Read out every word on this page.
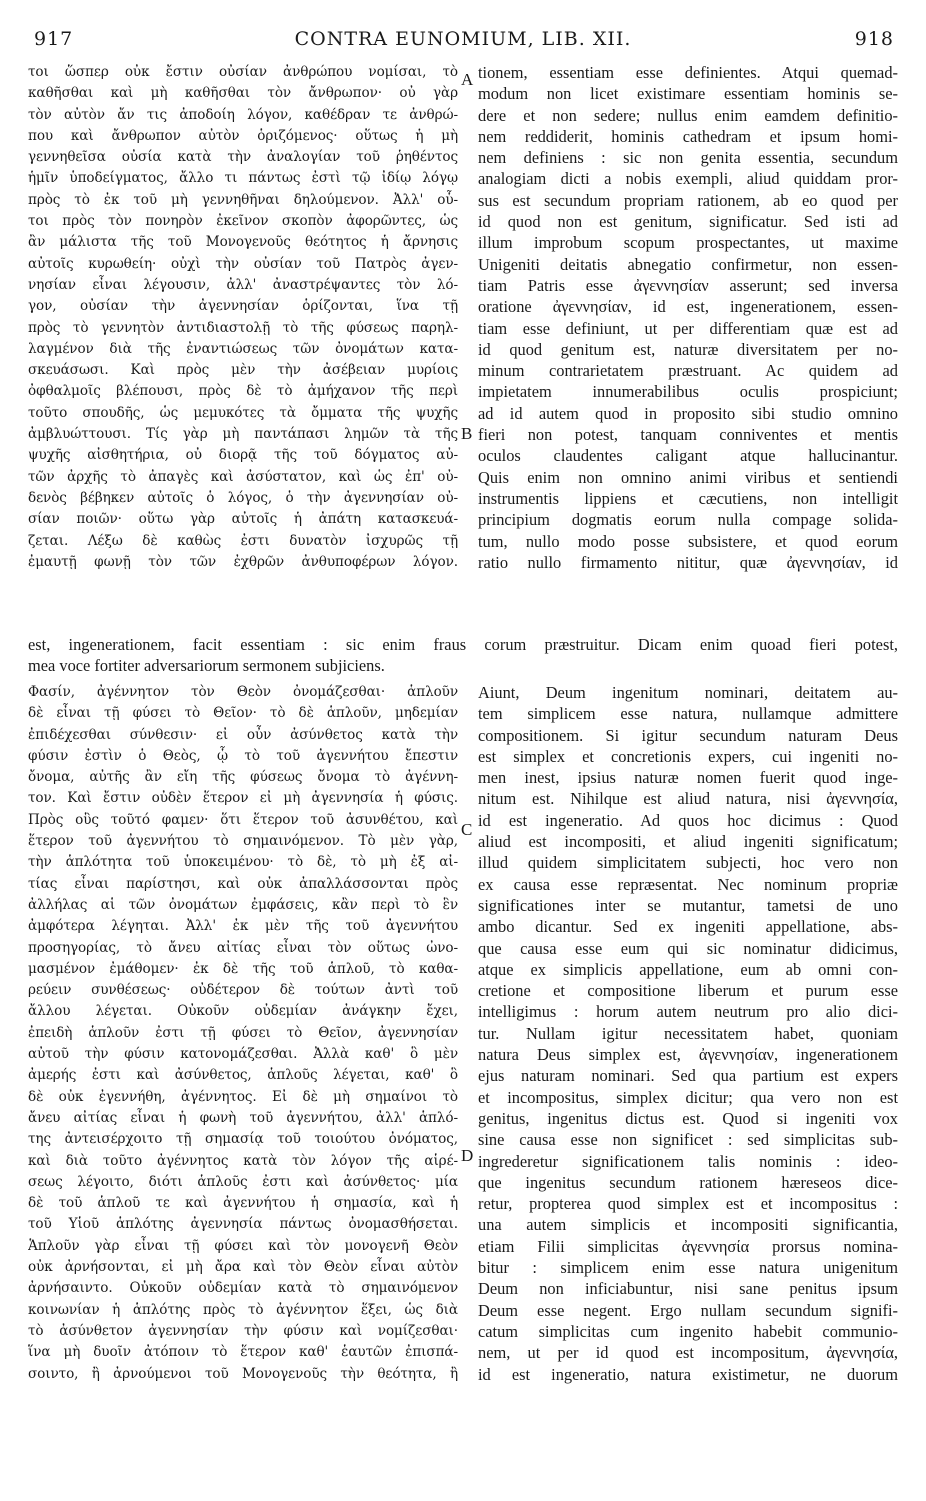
CONTRA EUNOMIUM, LIB. XII.
917	918
A
B
C
D
τοι ὥσπερ οὐκ ἔστιν οὐσίαν ἀνθρώπου νομίσαι, τὸ
καθῆσθαι καὶ μὴ καθῆσθαι τὸν ἄνθρωπον· οὐ γὰρ
τὸν αὐτὸν ἄν τις ἀποδοίη λόγον, καθέδραν τε ἀνθρώ-
που καὶ ἄνθρωπον αὐτὸν ὁριζόμενος· οὕτως ἡ μὴ
γεννηθεῖσα οὐσία κατὰ τὴν ἀναλογίαν τοῦ ῥηθέντος
ἡμῖν ὑποδείγματος, ἄλλο τι πάντως ἐστὶ τῷ ἰδίῳ λόγῳ
πρὸς τὸ ἐκ τοῦ μὴ γεννηθῆναι δηλούμενον. Ἀλλ' οὗ-
τοι πρὸς τὸν πονηρὸν ἐκεῖνον σκοπὸν ἀφορῶντες, ὡς
ἂν μάλιστα τῆς τοῦ Μονογενοῦς θεότητος ἡ ἄρνησις
αὐτοῖς κυρωθείη· οὐχὶ τὴν οὐσίαν τοῦ Πατρὸς ἀγεν-
νησίαν εἶναι λέγουσιν, ἀλλ' ἀναστρέψαντες τὸν λό-
γον, οὐσίαν τὴν ἀγεννησίαν ὁρίζονται, ἵνα τῇ
πρὸς τὸ γεννητὸν ἀντιδιαστολῇ τὸ τῆς φύσεως παρηλ-
λαγμένον διὰ τῆς ἐναντιώσεως τῶν ὀνομάτων κατα-
σκευάσωσι. Καὶ πρὸς μὲν τὴν ἀσέβειαν μυρίοις
ὀφθαλμοῖς βλέπουσι, πρὸς δὲ τὸ ἀμήχανον τῆς περὶ
τοῦτο σπουδῆς, ὡς μεμυκότες τὰ ὄμματα τῆς ψυχῆς
ἀμβλυώττουσι. Τίς γὰρ μὴ παντάπασι λημῶν τὰ τῆς
ψυχῆς αἰσθητήρια, οὐ διορᾷ τῆς τοῦ δόγματος αὐ-
τῶν ἀρχῆς τὸ ἀπαγὲς καὶ ἀσύστατον, καὶ ὡς ἐπ' οὐ-
δενὸς βέβηκεν αὐτοῖς ὁ λόγος, ὁ τὴν ἀγεννησίαν οὐ-
σίαν ποιῶν· οὕτω γὰρ αὐτοῖς ἡ ἀπάτη κατασκευά-
ζεται. Λέξω δὲ καθὼς ἐστι δυνατὸν ἰσχυρῶς τῇ
ἐμαυτῇ φωνῇ τὸν τῶν ἐχθρῶν ἀνθυποφέρων λόγον.
tionem, essentiam esse definientes. Atqui quemad-
modum non licet existimare essentiam hominis se-
dere et non sedere; nullus enim eamdem definitio-
nem reddiderit, hominis cathedram et ipsum homi-
nem definiens : sic non genita essentia, secundum
analogiam dicti a nobis exempli, aliud quiddam pror-
sus est secundum propriam rationem, ab eo quod per
id quod non est genitum, significatur. Sed isti ad
illum improbum scopum prospectantes, ut maxime
Unigeniti deitatis abnegatio confirmetur, non essen-
tiam Patris esse ἀγεννησίαν asserunt; sed inversa
oratione ἀγεννησίαν, id est, ingenerationem, essen-
tiam esse definiunt, ut per differentiam quæ est ad
id quod genitum est, naturæ diversitatem per no-
minum contrarietatem præstruant. Ac quidem ad
impietatem innumerabilibus oculis prospiciunt;
ad id autem quod in proposito sibi studio omnino
fieri non potest, tanquam conniventes et mentis
oculos claudentes caligant atque hallucinantur.
Quis enim non omnino animi viribus et sentiendi
instrumentis lippiens et cæcutiens, non intelligit
principium dogmatis eorum nulla compage solida-
tum, nullo modo posse subsistere, et quod eorum
ratio nullo firmamento nititur, quæ ἀγεννησίαν, id
est, ingenerationem, facit essentiam : sic enim fraus corum præstruitur. Dicam enim quoad fieri potest,
mea voce fortiter adversariorum sermonem subjiciens.
Φασίν, ἀγέννητον τὸν Θεὸν ὀνομάζεσθαι· ἁπλοῦν
δὲ εἶναι τῇ φύσει τὸ Θεῖον· τὸ δὲ ἁπλοῦν, μηδεμίαν
ἐπιδέχεσθαι σύνθεσιν· εἰ οὖν ἀσύνθετος κατὰ τὴν
φύσιν ἐστὶν ὁ Θεὸς, ᾧ τὸ τοῦ ἀγεννήτου ἔπεστιν
ὄνομα, αὐτῆς ἂν εἴη τῆς φύσεως ὄνομα τὸ ἀγέννη-
τον. Καὶ ἔστιν οὐδὲν ἕτερον εἰ μὴ ἀγεννησία ἡ φύσις.
Πρὸς οὓς τοῦτό φαμεν· ὅτι ἕτερον τοῦ ἀσυνθέτου, καὶ
ἕτερον τοῦ ἀγεννήτου τὸ σημαινόμενον. Τὸ μὲν γὰρ,
τὴν ἁπλότητα τοῦ ὑποκειμένου· τὸ δὲ, τὸ μὴ ἐξ αἰ-
τίας εἶναι παρίστησι, καὶ οὐκ ἀπαλλάσσονται πρὸς
ἀλλήλας αἱ τῶν ὀνομάτων ἐμφάσεις, κἂν περὶ τὸ ἓν
ἀμφότερα λέγηται. Ἀλλ' ἐκ μὲν τῆς τοῦ ἀγεννήτου
προσηγορίας, τὸ ἄνευ αἰτίας εἶναι τὸν οὕτως ὠνο-
μασμένον ἐμάθομεν· ἐκ δὲ τῆς τοῦ ἁπλοῦ, τὸ καθα-
ρεύειν συνθέσεως· οὐδέτερον δὲ τούτων ἀντὶ τοῦ
ἄλλου λέγεται. Οὐκοῦν οὐδεμίαν ἀνάγκην ἔχει,
ἐπειδὴ ἁπλοῦν ἐστι τῇ φύσει τὸ Θεῖον, ἀγεννησίαν
αὐτοῦ τὴν φύσιν κατονομάζεσθαι. Ἀλλὰ καθ' ὃ μὲν
ἀμερής ἐστι καὶ ἀσύνθετος, ἁπλοῦς λέγεται, καθ' ὃ
δὲ οὐκ ἐγεννήθη, ἀγέννητος. Εἰ δὲ μὴ σημαίνοι τὸ
ἄνευ αἰτίας εἶναι ἡ φωνὴ τοῦ ἀγεννήτου, ἀλλ' ἁπλό-
της ἀντεισέρχοιτο τῇ σημασίᾳ τοῦ τοιούτου ὀνόματος,
καὶ διὰ τοῦτο ἀγέννητος κατὰ τὸν λόγον τῆς αἱρέ-
σεως λέγοιτο, διότι ἁπλοῦς ἐστι καὶ ἀσύνθετος· μία
δὲ τοῦ ἁπλοῦ τε καὶ ἀγεννήτου ἡ σημασία, καὶ ἡ
τοῦ Υἱοῦ ἁπλότης ἀγεννησία πάντως ὀνομασθήσεται.
Ἁπλοῦν γὰρ εἶναι τῇ φύσει καὶ τὸν μονογενῆ Θεὸν
οὐκ ἀρνήσονται, εἰ μὴ ἄρα καὶ τὸν Θεὸν εἶναι αὐτὸν
ἀρνήσαιντο. Οὐκοῦν οὐδεμίαν κατὰ τὸ σημαινόμενον
κοινωνίαν ἡ ἁπλότης πρὸς τὸ ἀγέννητον ἕξει, ὡς διὰ
τὸ ἀσύνθετον ἀγεννησίαν τὴν φύσιν καὶ νομίζεσθαι·
ἵνα μὴ δυοῖν ἀτόποιν τὸ ἕτερον καθ' ἑαυτῶν ἐπισπά-
σοιντο, ἢ ἀρνούμενοι τοῦ Μονογενοῦς τὴν θεότητα, ἢ
Aiunt, Deum ingenitum nominari, deitatem au-
tem simplicem esse natura, nullamque admittere
compositionem. Si igitur secundum naturam Deus
est simplex et concretionis expers, cui ingeniti no-
men inest, ipsius naturæ nomen fuerit quod inge-
nitum est. Nihilque est aliud natura, nisi ἀγεννησία,
id est ingeneratio. Ad quos hoc dicimus : Quod
aliud est incompositi, et aliud ingeniti significatum;
illud quidem simplicitatem subjecti, hoc vero non
ex causa esse repræsentat. Nec nominum propriæ
significationes inter se mutantur, tametsi de uno
ambo dicantur. Sed ex ingeniti appellatione, abs-
que causa esse eum qui sic nominatur didicimus,
atque ex simplicis appellatione, eum ab omni con-
cretione et compositione liberum et purum esse
intelligimus : horum autem neutrum pro alio dici-
tur. Nullam igitur necessitatem habet, quoniam
natura Deus simplex est, ἀγεννησίαν, ingenerationem
ejus naturam nominari. Sed qua partium est expers
et incompositus, simplex dicitur; qua vero non est
genitus, ingenitus dictus est. Quod si ingeniti vox
sine causa esse non significet : sed simplicitas sub-
ingrederetur significationem talis nominis : ideo-
que ingenitus secundum rationem hæreseos dice-
retur, propterea quod simplex est et incompositus :
una autem simplicis et incompositi significantia,
etiam Filii simplicitas ἀγεννησία prorsus nomina-
bitur : simplicem enim esse natura unigenitum
Deum non inficiabuntur, nisi sane penitus ipsum
Deum esse negent. Ergo nullam secundum signifi-
catum simplicitas cum ingenito habebit communio-
nem, ut per id quod est incompositum, ἀγεννησία,
id est ingeneratio, natura existimetur, ne duorum
